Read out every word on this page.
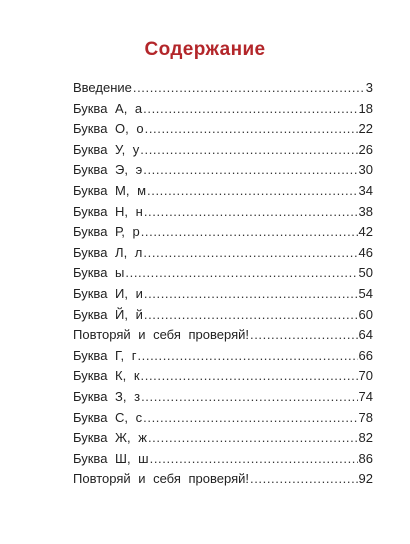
Содержание
Введение .....	3
Буква А, а .....	18
Буква О, о .....	22
Буква У, у .....	26
Буква Э, э .....	30
Буква М, м .....	34
Буква Н, н .....	38
Буква Р, р .....	42
Буква Л, л .....	46
Буква ы .....	50
Буква И, и .....	54
Буква Й, й .....	60
Повторяй и себя проверяй! .....	64
Буква Г, г .....	66
Буква К, к .....	70
Буква З, з .....	74
Буква С, с .....	78
Буква Ж, ж .....	82
Буква Ш, ш .....	86
Повторяй и себя проверяй! .....	92
